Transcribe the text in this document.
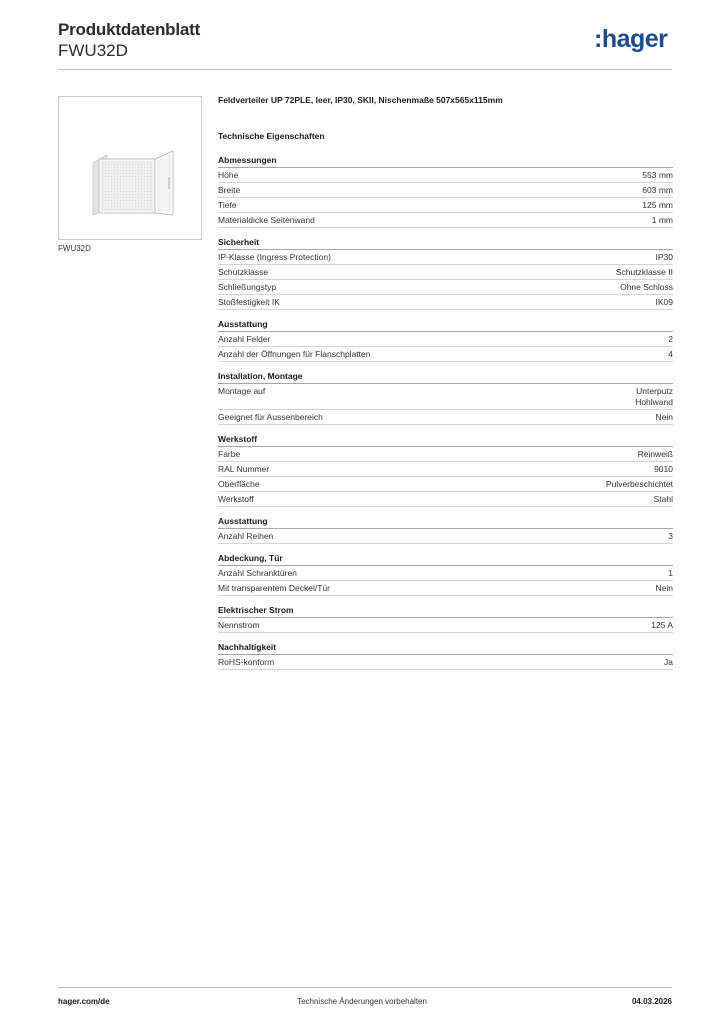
Produktdatenblatt
FWU32D	:hager
FWU32D
Feldverteiler UP 72PLE, leer, IP30, SKII, Nischenmaße 507x565x115mm
Technische Eigenschaften
Abmessungen
Höhe	553 mm
Breite	603 mm
Tiefe	125 mm
Materialdicke Seitenwand	1 mm
Sicherheit
IP-Klasse (Ingress Protection)	IP30
Schutzklasse	Schutzklasse II
Schließungstyp	Ohne Schloss
Stoßfestigkeit IK	IK09
Ausstattung
Anzahl Felder	2
Anzahl der Öffnungen für Flanschplatten	4
Installation, Montage
Montage auf	Unterputz
Hohlwand
Geeignet für Aussenbereich	Nein
Werkstoff
Farbe	Reinweiß
RAL Nummer	9010
Oberfläche	Pulverbeschichtet
Werkstoff	Stahl
Ausstattung
Anzahl Reihen	3
Abdeckung, Tür
Anzahl Schranktüren	1
Mit transparentem Deckel/Tür	Nein
Elektrischer Strom
Nennstrom	125 A
Nachhaltigkeit
RoHS-konform	Ja
hager.com/de	Technische Änderungen vorbehalten	04.03.2026
